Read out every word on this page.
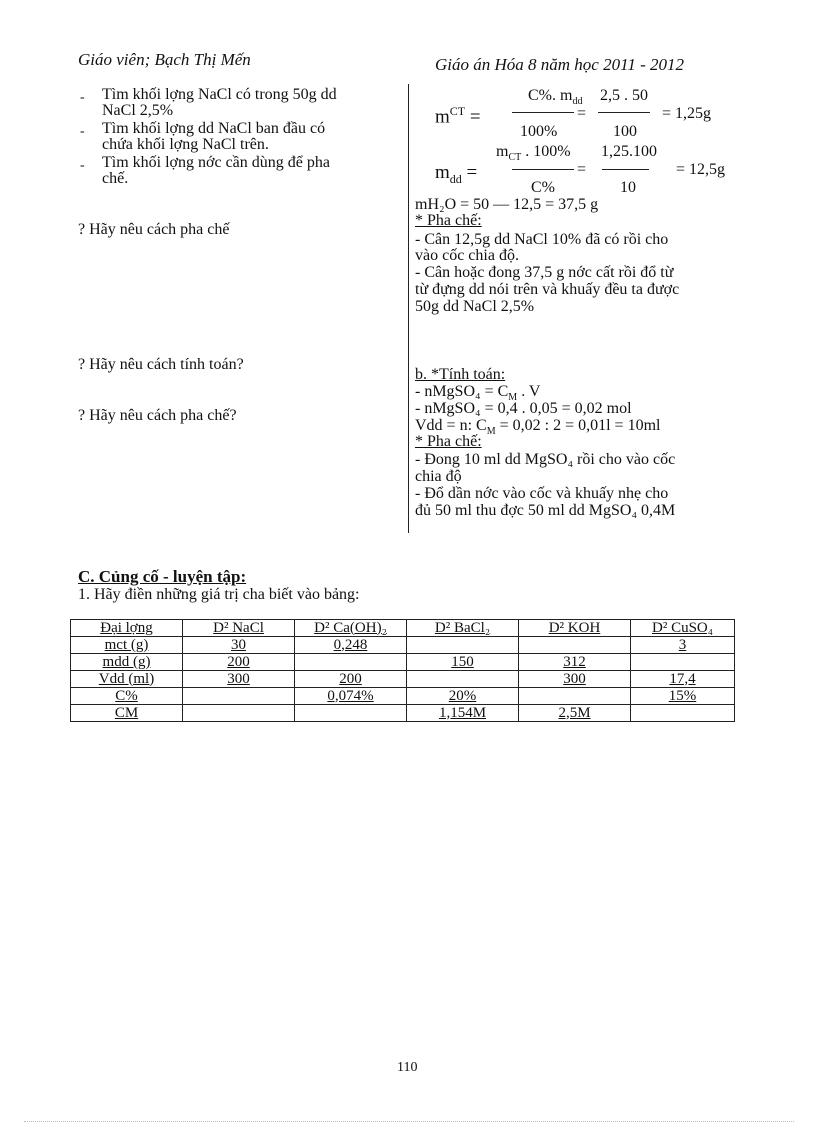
Giáo viên; Bạch Thị Mến	Giáo án Hóa 8 năm học 2011 - 2012
- Tìm khối lợng NaCl có trong 50g dd
NaCl 2,5%
- Tìm khối lợng dd NaCl ban đầu có
chứa khối lợng NaCl trên.
- Tìm khối lợng nớc cần dùng để pha
chế.
? Hãy nêu cách pha chế
? Hãy nêu cách tính toán?
? Hãy nêu cách pha chế?
$m^{CT}$ =
C%. $m_{dd}$
=
100%
2,5 . 50
100
= 1,25g
$m_{dd}$ =
$m_{CT}$ . 100%
=
C%
1,25.100
10
= 12,5g
mH₂O = 50 — 12,5 = 37,5 g
* Pha chế:
- Cân 12,5g dd NaCl 10% đã có rồi cho
vào cốc chia độ.
- Cân hoặc đong 37,5 g nớc cất rồi đổ từ
từ đựng dd nói trên và khuấy đều ta được
50g dd NaCl 2,5%
b. *Tính toán:
- nMgSO₄ = $C_M$ . V
- nMgSO₄ = 0,4 . 0,05 = 0,02 mol
Vdd = n: $C_M = 0,02$ : 2 = 0,01l = 10ml
* Pha chế:
- Đong 10 ml dd MgSO₄ rồi cho vào cốc
chia độ
- Đổ dần nớc vào cốc và khuấy nhẹ cho
đủ 50 ml thu đợc 50 ml dd MgSO₄ 0,4M
C. Củng cố - luyện tập:
1. Hãy điền những giá trị cha biết vào bảng:
Đại lợng	D² NaCl	D² Ca(OH)₂	D² BaCl₂	D² KOH	D² CuSO₄
mct (g)	30	0,248			3
mdd (g)	200		150	312	
Vdd (ml)	300	200		300	17,4
C%		0,074%	20%		15%
CM			1,154M	2,5M	
110
